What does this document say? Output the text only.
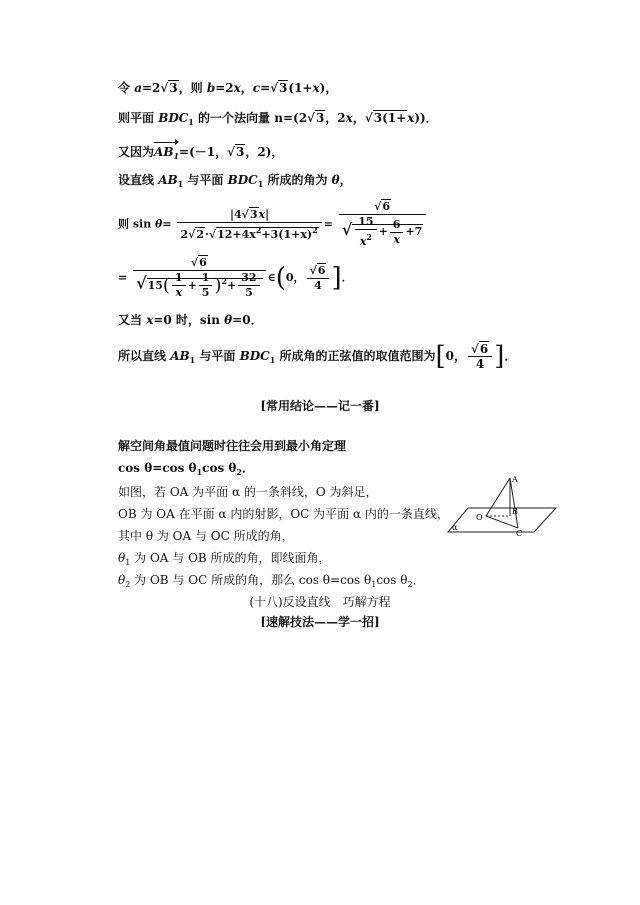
令 a=2√3，则 b=2x，c=√3(1+x)，
则平面 $BDC_1$ 的一个法向量 n=(2√3，2x，√3(1+x))．
又因为$AB_1=(-1$，√3，2)，
设直线 $AB_1$ 与平面 $BDC_1$ 所成的角为 θ，
则 $\sin \theta= \frac{|4√3x|}{2√2\cdot√12+4x^2+3(1+x)^2} = \frac{√6}{√ \frac{15}{x^2} + \frac{6}{x} +7}$
= $\frac{√6}{√15( \frac{1}{x} + \frac{1}{5} )^2+ \frac{32}{5}}$ ∈(0， $\frac{√6}{4}$ ]．
又当 x=0 时，sin θ=0．
所以直线 $AB_1$ 与平面 $BDC_1$ 所成角的正弦值的取值范围为[0， $\frac{√6}{4}$ ]．
[常用结论——记一番]
解空间角最值问题时往往会用到最小角定理
cos θ=cos $\theta_1\cos$ $\theta_2$．
如图，若 OA 为平面 α 的一条斜线，O 为斜足，
OB 为 OA 在平面 α 内的射影，OC 为平面 α 内的一条直线，
其中 θ 为 OA 与 OC 所成的角，
$\theta_1$ 为 OA 与 OB 所成的角，即线面角，
$\theta_2$ 为 OB 与 OC 所成的角，那么 cos θ=cos $\theta_1\cos$ $\theta_2$．
A
O
B
C
α
(十八)反设直线　巧解方程
[速解技法——学一招]
